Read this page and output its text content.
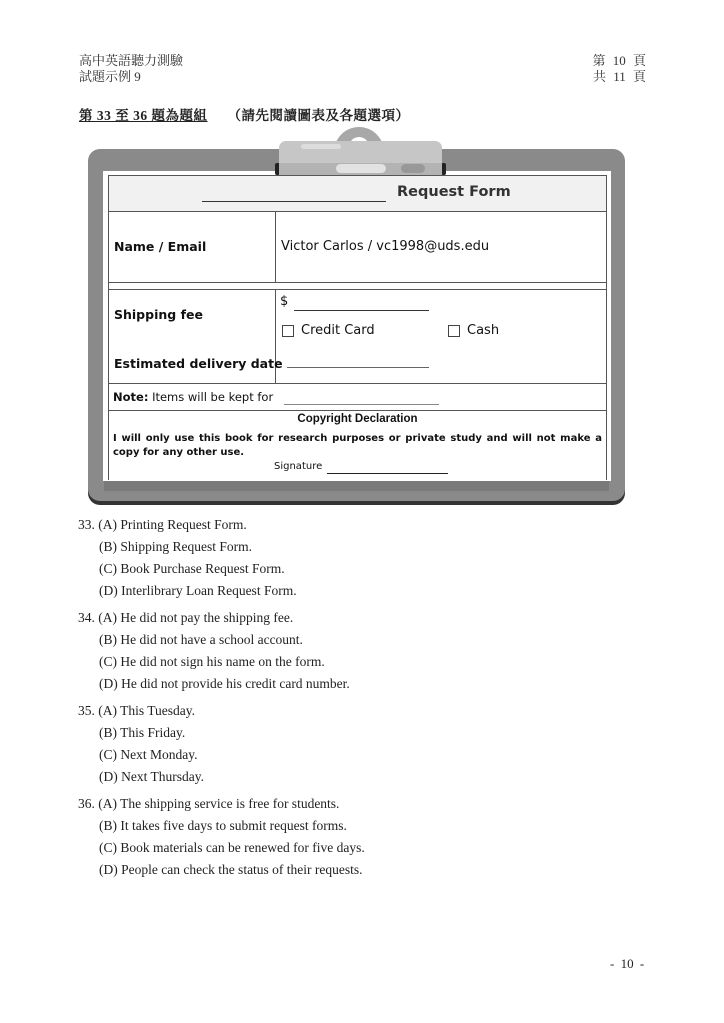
高中英語聽力測驗
試題示例 9
第 10 頁
共 11 頁
第 33 至 36 題為題組 （請先閱讀圖表及各題選項）
Request Form
Name / Email	Victor Carlos / vc1998@uds.edu
Shipping fee
$
Credit Card	Cash
Estimated delivery date
Note: Items will be kept for
Copyright Declaration
I will only use this book for research purposes or private study and will not make a copy for any other use.
Signature
33. (A) Printing Request Form.
(B) Shipping Request Form.
(C) Book Purchase Request Form.
(D) Interlibrary Loan Request Form.
34. (A) He did not pay the shipping fee.
(B) He did not have a school account.
(C) He did not sign his name on the form.
(D) He did not provide his credit card number.
35. (A) This Tuesday.
(B) This Friday.
(C) Next Monday.
(D) Next Thursday.
36. (A) The shipping service is free for students.
(B) It takes five days to submit request forms.
(C) Book materials can be renewed for five days.
(D) People can check the status of their requests.
- 10 -
